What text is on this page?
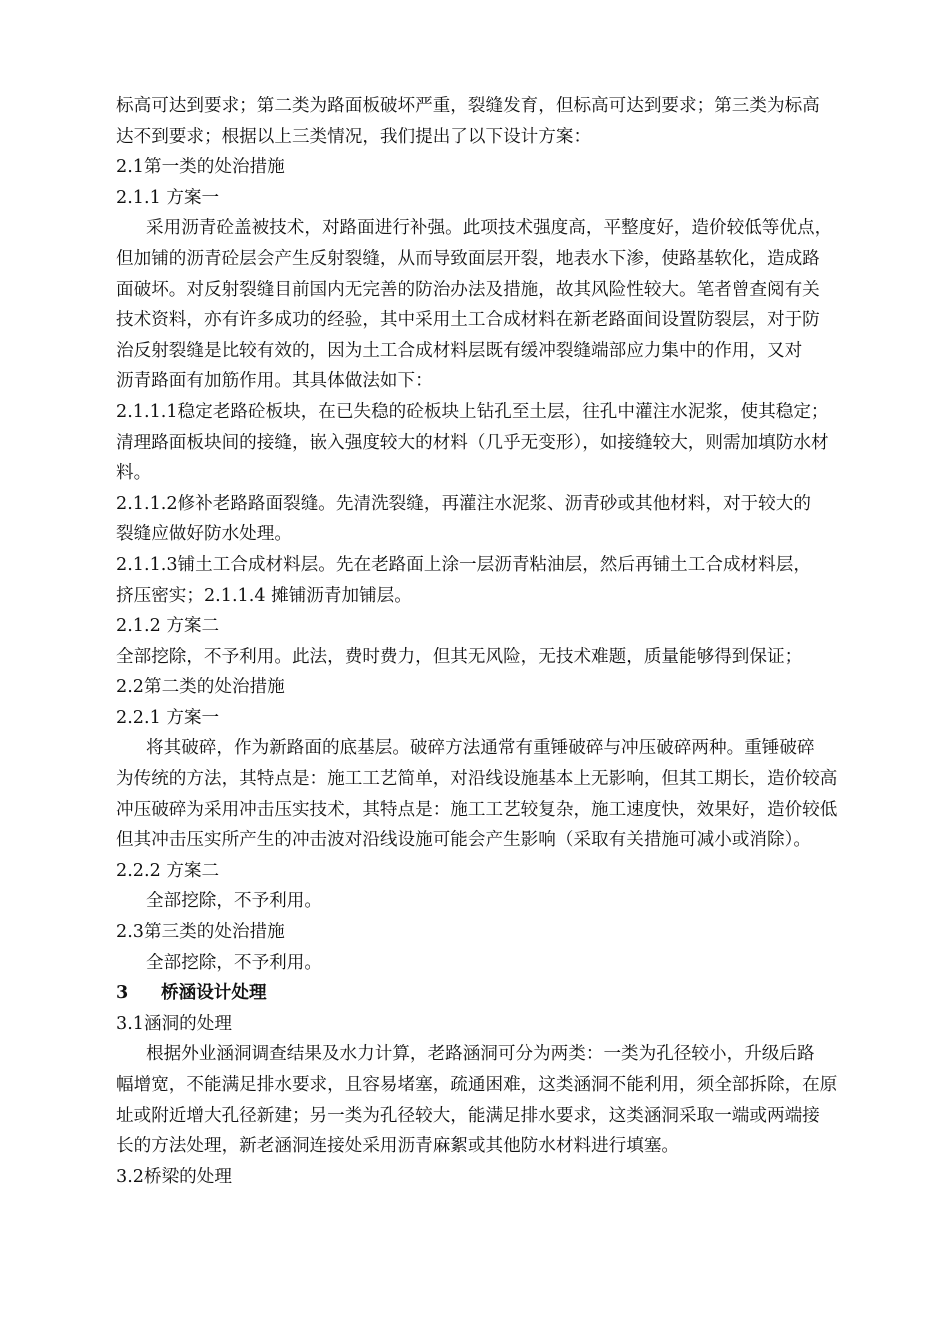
标高可达到要求；第二类为路面板破坏严重，裂缝发育，但标高可达到要求；第三类为标高
达不到要求；根据以上三类情况，我们提出了以下设计方案：
2.1第一类的处治措施
2.1.1 方案一
采用沥青砼盖被技术，对路面进行补强。此项技术强度高，平整度好，造价较低等优点，
但加铺的沥青砼层会产生反射裂缝，从而导致面层开裂，地表水下渗，使路基软化，造成路
面破坏。对反射裂缝目前国内无完善的防治办法及措施，故其风险性较大。笔者曾查阅有关
技术资料，亦有许多成功的经验，其中采用土工合成材料在新老路面间设置防裂层，对于防
治反射裂缝是比较有效的，因为土工合成材料层既有缓冲裂缝端部应力集中的作用，又对
沥青路面有加筋作用。其具体做法如下：
2.1.1.1稳定老路砼板块，在已失稳的砼板块上钻孔至土层，往孔中灌注水泥浆，使其稳定；
清理路面板块间的接缝，嵌入强度较大的材料（几乎无变形），如接缝较大，则需加填防水材
料。
2.1.1.2修补老路路面裂缝。先清洗裂缝，再灌注水泥浆、沥青砂或其他材料，对于较大的
裂缝应做好防水处理。
2.1.1.3铺土工合成材料层。先在老路面上涂一层沥青粘油层，然后再铺土工合成材料层，
挤压密实；2.1.1.4 摊铺沥青加铺层。
2.1.2 方案二
全部挖除，不予利用。此法，费时费力，但其无风险，无技术难题，质量能够得到保证；
2.2第二类的处治措施
2.2.1 方案一
将其破碎，作为新路面的底基层。破碎方法通常有重锤破碎与冲压破碎两种。重锤破碎
为传统的方法，其特点是：施工工艺简单，对沿线设施基本上无影响，但其工期长，造价较高
冲压破碎为采用冲击压实技术，其特点是：施工工艺较复杂，施工速度快，效果好，造价较低
但其冲击压实所产生的冲击波对沿线设施可能会产生影响（采取有关措施可减小或消除）。
2.2.2 方案二
全部挖除，不予利用。
2.3第三类的处治措施
全部挖除，不予利用。
3 桥涵设计处理
3.1涵洞的处理
根据外业涵洞调查结果及水力计算，老路涵洞可分为两类：一类为孔径较小，升级后路
幅增宽，不能满足排水要求，且容易堵塞，疏通困难，这类涵洞不能利用，须全部拆除，在原
址或附近增大孔径新建；另一类为孔径较大，能满足排水要求，这类涵洞采取一端或两端接
长的方法处理，新老涵洞连接处采用沥青麻絮或其他防水材料进行填塞。
3.2桥梁的处理
